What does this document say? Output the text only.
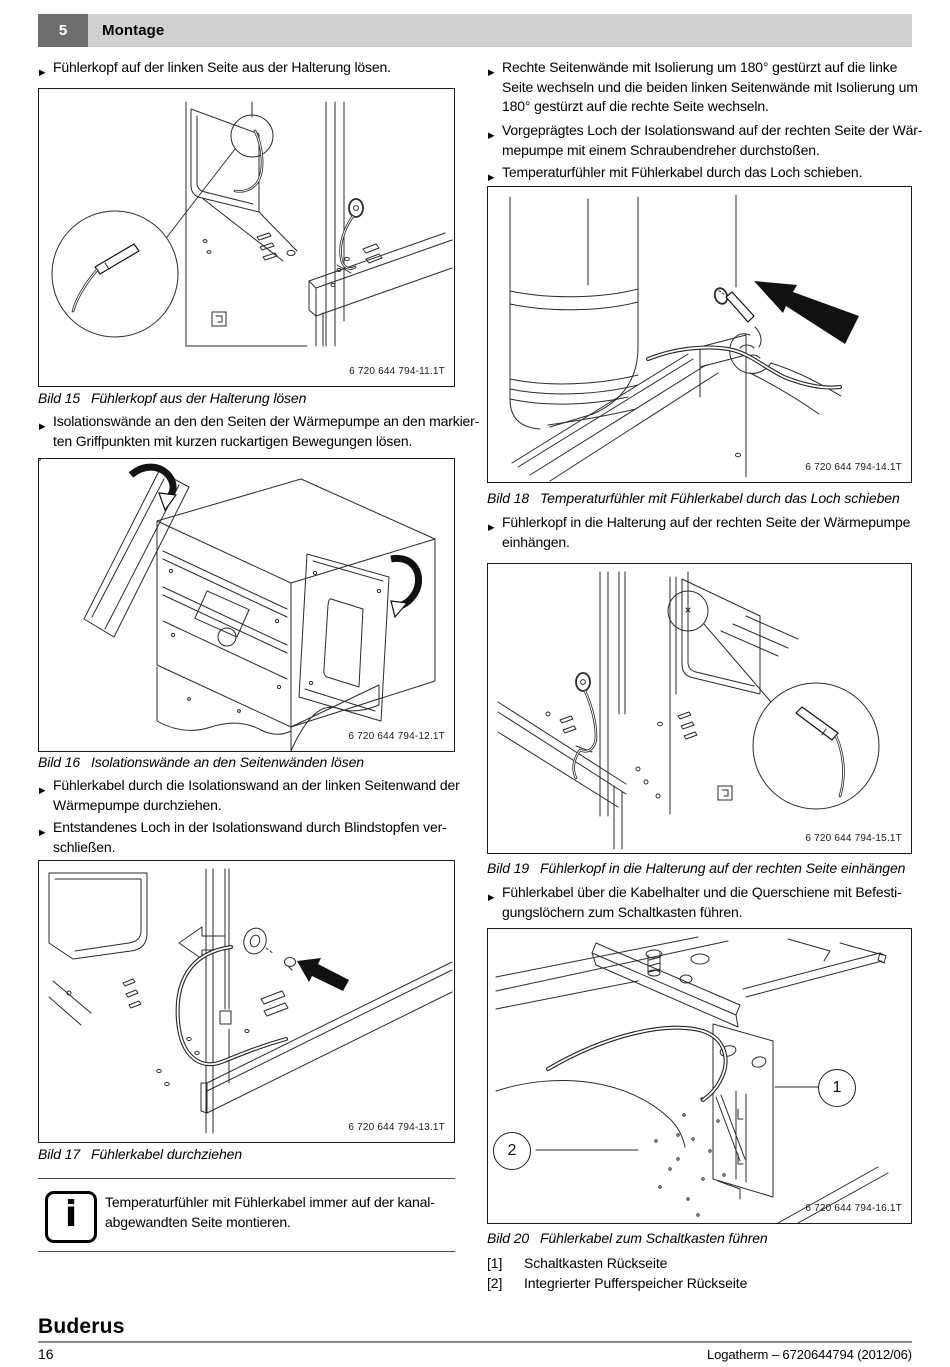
5	Montage
▶ Fühlerkopf auf der linken Seite aus der Halterung lösen.
6 720 644 794-11.1T
Bild 15 Fühlerkopf aus der Halterung lösen
▶ Isolationswände an den den Seiten der Wärmepumpe an den markier-
ten Griffpunkten mit kurzen ruckartigen Bewegungen lösen.
6 720 644 794-12.1T
Bild 16 Isolationswände an den Seitenwänden lösen
▶ Fühlerkabel durch die Isolationswand an der linken Seitenwand der
Wärmepumpe durchziehen.
▶ Entstandenes Loch in der Isolationswand durch Blindstopfen ver-
schließen.
6 720 644 794-13.1T
Bild 17 Fühlerkabel durchziehen
i Temperaturfühler mit Fühlerkabel immer auf der kanal-
abgewandten Seite montieren.
▶ Rechte Seitenwände mit Isolierung um 180° gestürzt auf die linke
Seite wechseln und die beiden linken Seitenwände mit Isolierung um
180° gestürzt auf die rechte Seite wechseln.
▶ Vorgeprägtes Loch der Isolationswand auf der rechten Seite der Wär-
mepumpe mit einem Schraubendreher durchstoßen.
▶ Temperaturfühler mit Fühlerkabel durch das Loch schieben.
6 720 644 794-14.1T
Bild 18 Temperaturfühler mit Fühlerkabel durch das Loch schieben
▶ Fühlerkopf in die Halterung auf der rechten Seite der Wärmepumpe
einhängen.
6 720 644 794-15.1T
Bild 19 Fühlerkopf in die Halterung auf der rechten Seite einhängen
▶ Fühlerkabel über die Kabelhalter und die Querschiene mit Befesti-
gungslöchern zum Schaltkasten führen.
1
2
6 720 644 794-16.1T
Bild 20 Fühlerkabel zum Schaltkasten führen
[1] Schaltkasten Rückseite
[2] Integrierter Pufferspeicher Rückseite
Buderus
16	Logatherm – 6720644794 (2012/06)
